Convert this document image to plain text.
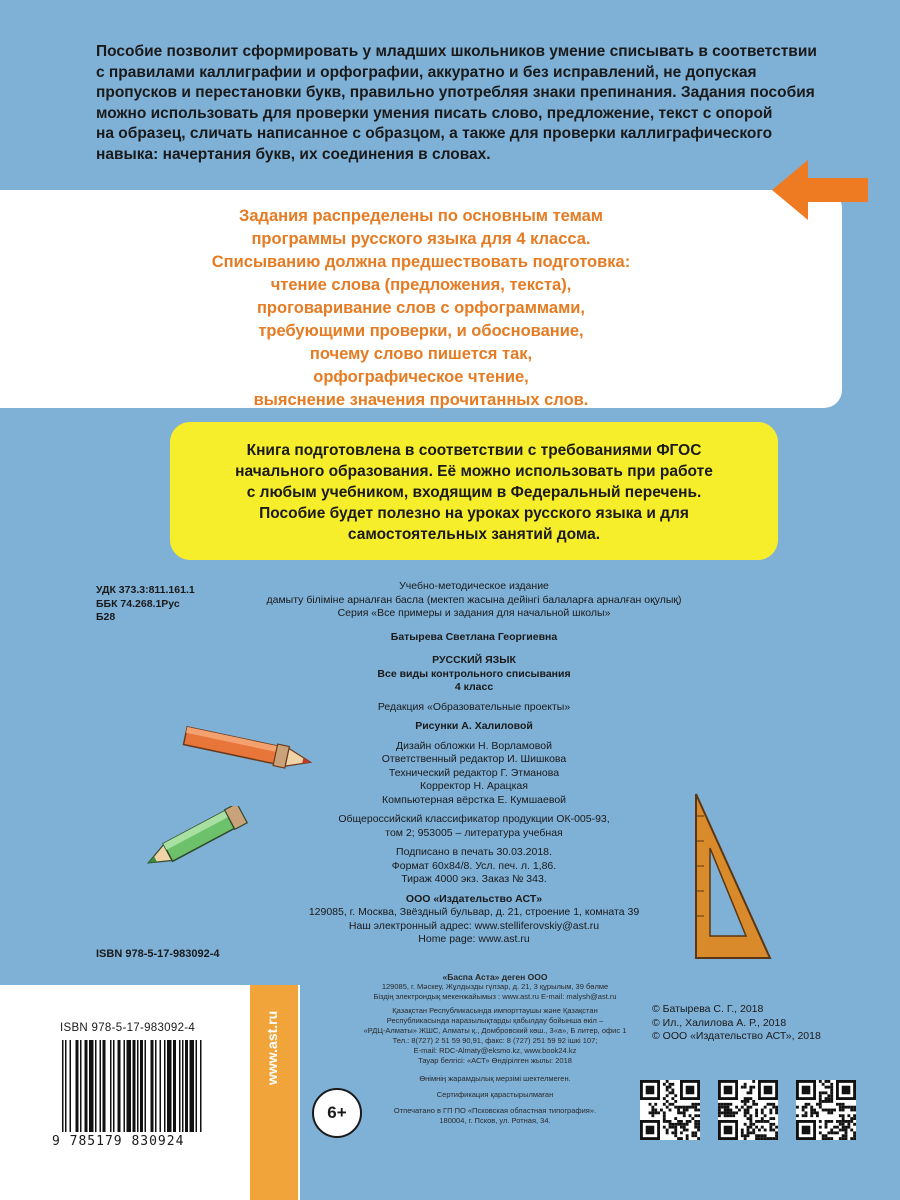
Пособие позволит сформировать у младших школьников умение списывать в соответствии
с правилами каллиграфии и орфографии, аккуратно и без исправлений, не допуская
пропусков и перестановки букв, правильно употребляя знаки препинания. Задания пособия
можно использовать для проверки умения писать слово, предложение, текст с опорой
на образец, сличать написанное с образцом, а также для проверки каллиграфического
навыка: начертания букв, их соединения в словах.
Задания распределены по основным темам
программы русского языка для 4 класса.
Списыванию должна предшествовать подготовка:
чтение слова (предложения, текста),
проговаривание слов с орфограммами,
требующими проверки, и обоснование,
почему слово пишется так,
орфографическое чтение,
выяснение значения прочитанных слов.
Книга подготовлена в соответствии с требованиями ФГОС
начального образования. Её можно использовать при работе
с любым учебником, входящим в Федеральный перечень.
Пособие будет полезно на уроках русского языка и для
самостоятельных занятий дома.
УДК 373.3:811.161.1
ББК 74.268.1Рус
Б28
Учебно-методическое издание
дамыту біліміне арналған басла (мектеп жасына дейінгі балаларға арналған оқулық)
Серия «Все примеры и задания для начальной школы»
Батырева Светлана Георгиевна
РУССКИЙ ЯЗЫК
Все виды контрольного списывания
4 класс
Редакция «Образовательные проекты»
Рисунки А. Халиловой
Дизайн обложки Н. Ворламовой
Ответственный редактор И. Шишкова
Технический редактор Г. Этманова
Корректор Н. Арацкая
Компьютерная вёрстка Е. Кумшаевой
Общероссийский классификатор продукции ОК-005-93,
том 2; 953005 – литература учебная
Подписано в печать 30.03.2018.
Формат 60x84/8. Усл. печ. л. 1,86.
Тираж 4000 экз. Заказ № 343.
ООО «Издательство АСТ»
129085, г. Москва, Звёздный бульвар, д. 21, строение 1, комната 39
Наш электронный адрес: www.stelliferovskiy@ast.ru
Home page: www.ast.ru
ISBN 978-5-17-983092-4
«Баспа Аста» деген ООО
129085, г. Мәскеу, Жұлдызды гүлзар, д. 21, 3 құрылым, 39 бөлме
Біздің электрондық мекенжайымыз : www.ast.ru E-mail: malysh@ast.ru
Қазақстан Республикасында импорттаушы және Қазақстан
Республикасында наразылықтарды қабылдау бойынша өкіл –
«РДЦ-Алматы» ЖШС, Алматы қ., Домбровский көш., 3«а», Б литер, офис 1
Тел.: 8(727) 2 51 59 90,91, факс: 8 (727) 251 59 92 ішкі 107;
E-mail: RDC-Almaty@eksmo.kz, www.book24.kz
Тауар белгісі: «АСТ» Өндірілген жылы: 2018
Өнімнің жарамдылық мерзімі шектелмеген.
Сертификация қарастырылмаған
Отпечатано в ГП ПО «Псковская областная типография».
180004, г. Псков, ул. Ротная, 34.
© Батырева С. Г., 2018
© Ил., Халилова А. Р., 2018
© ООО «Издательство АСТ», 2018
www.ast.ru
ISBN 978-5-17-983092-4
9 785179 830924
6+
